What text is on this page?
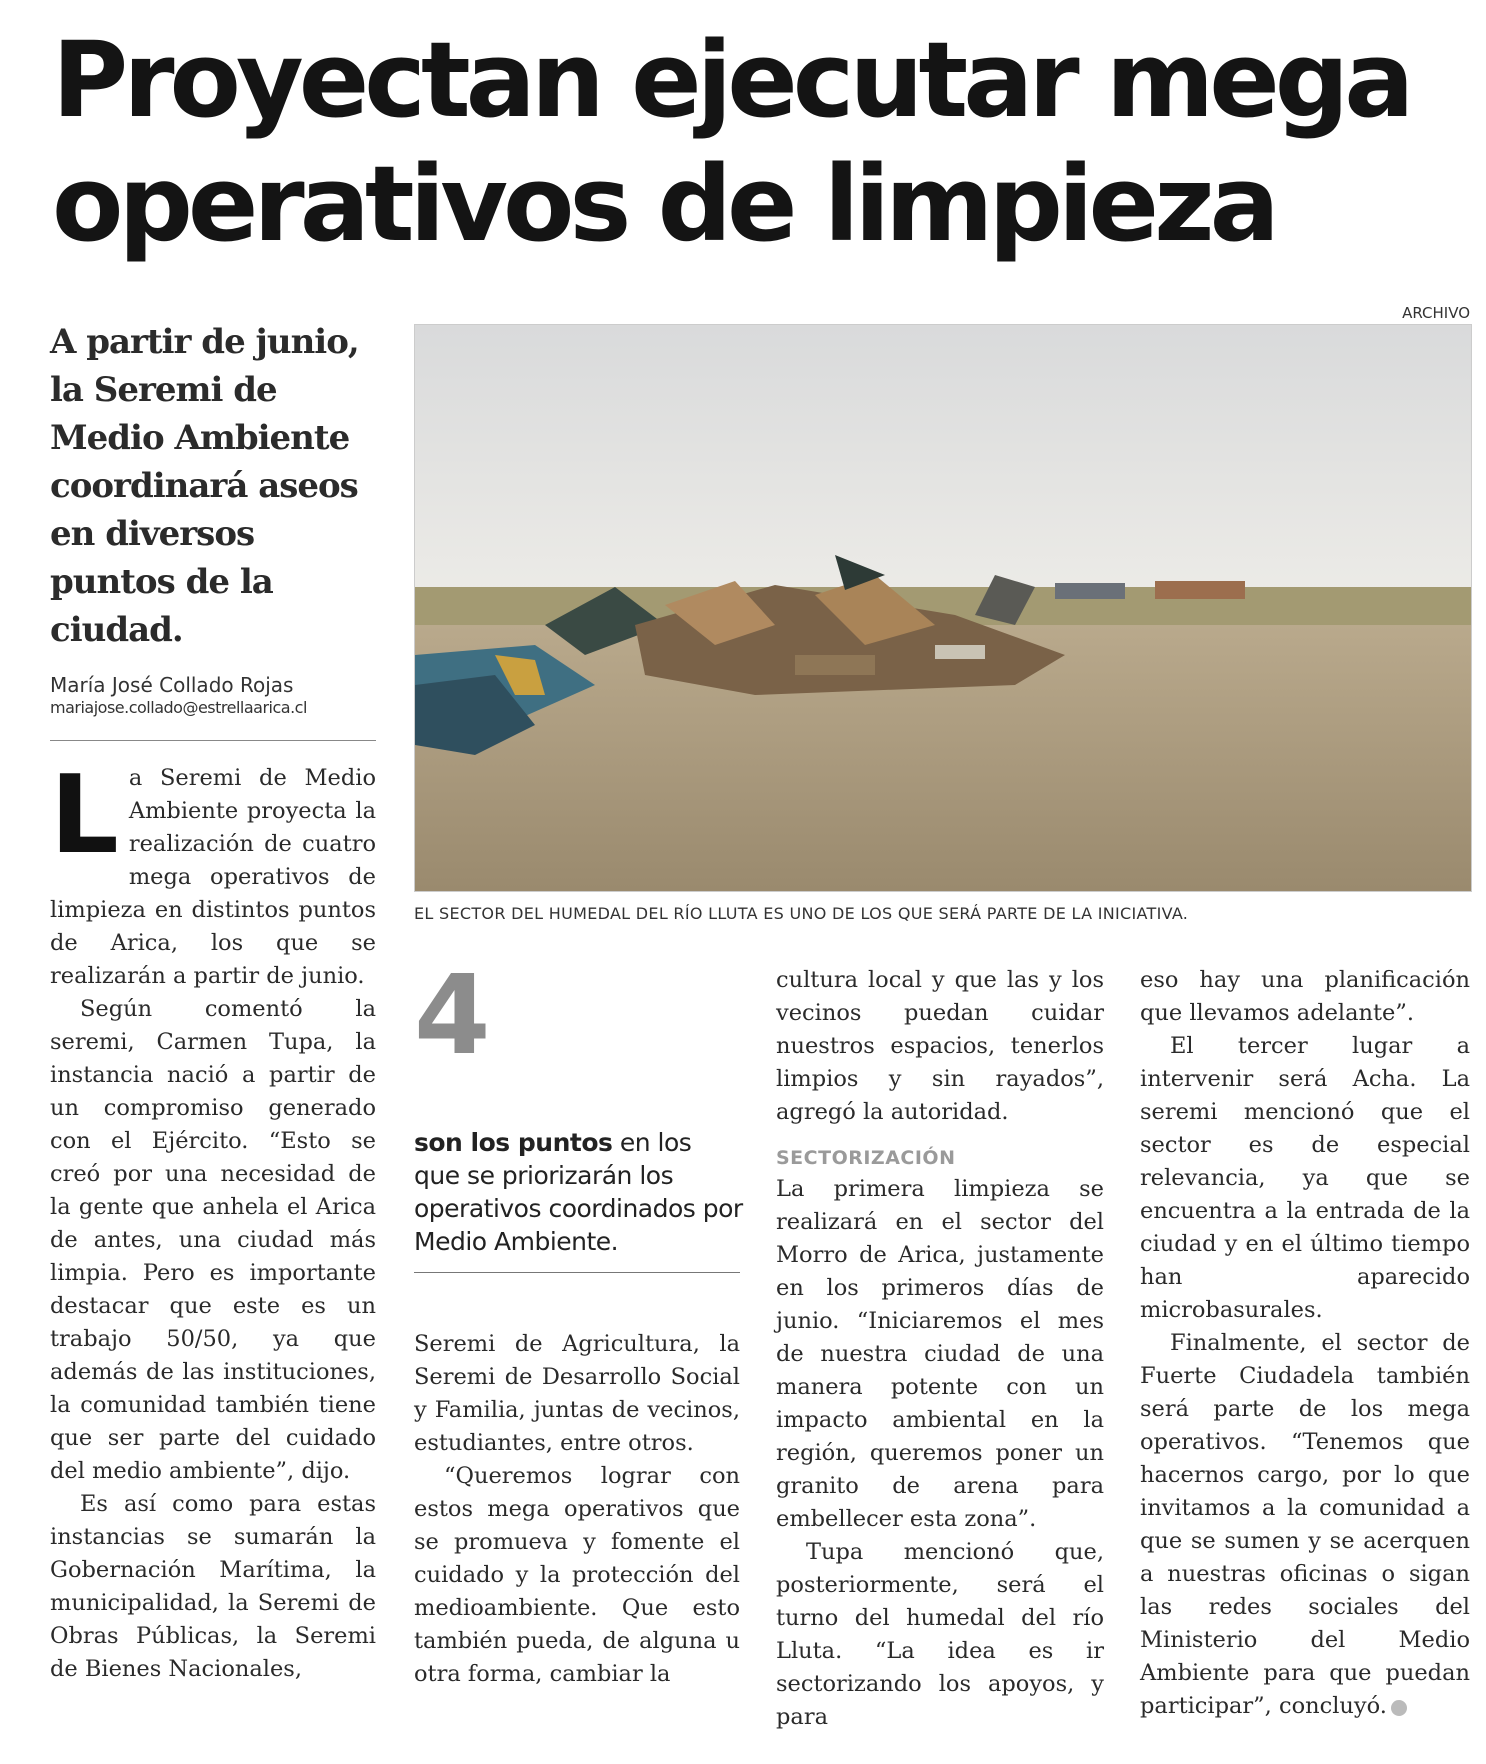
Proyectan ejecutar mega
operativos de limpieza
ARCHIVO
A partir de junio, la Seremi de Medio Ambiente coordinará aseos en diversos puntos de la ciudad.
María José Collado Rojas
mariajose.collado@estrellaarica.cl
EL SECTOR DEL HUMEDAL DEL RÍO LLUTA ES UNO DE LOS QUE SERÁ PARTE DE LA INICIATIVA.

La Seremi de Medio Ambiente proyecta la realización de cuatro mega operativos de limpieza en distintos puntos de Arica, los que se realizarán a partir de junio.

Según comentó la seremi, Carmen Tupa, la instancia nació a partir de un compromiso generado con el Ejército. “Esto se creó por una necesidad de la gente que anhela el Arica de antes, una ciudad más limpia. Pero es importante destacar que este es un trabajo 50/50, ya que además de las instituciones, la comunidad también tiene que ser parte del cuidado del medio ambiente”, dijo.

Es así como para estas instancias se sumarán la Gobernación Marítima, la municipalidad, la Seremi de Obras Públicas, la Seremi de Bienes Nacionales,

4
son los puntos en los que se priorizarán los operativos coordinados por Medio Ambiente.

Seremi de Agricultura, la Seremi de Desarrollo Social y Familia, juntas de vecinos, estudiantes, entre otros.

“Queremos lograr con estos mega operativos que se promueva y fomente el cuidado y la protección del medioambiente. Que esto también pueda, de alguna u otra forma, cambiar la

cultura local y que las y los vecinos puedan cuidar nuestros espacios, tenerlos limpios y sin rayados”, agregó la autoridad.

SECTORIZACIÓN

La primera limpieza se realizará en el sector del Morro de Arica, justamente en los primeros días de junio. “Iniciaremos el mes de nuestra ciudad de una manera potente con un impacto ambiental en la región, queremos poner un granito de arena para embellecer esta zona”.

Tupa mencionó que, posteriormente, será el turno del humedal del río Lluta. “La idea es ir sectorizando los apoyos, y para

eso hay una planificación que llevamos adelante”.

El tercer lugar a intervenir será Acha. La seremi mencionó que el sector es de especial relevancia, ya que se encuentra a la entrada de la ciudad y en el último tiempo han aparecido microbasurales.

Finalmente, el sector de Fuerte Ciudadela también será parte de los mega operativos. “Tenemos que hacernos cargo, por lo que invitamos a la comunidad a que se sumen y se acerquen a nuestras oficinas o sigan las redes sociales del Ministerio del Medio Ambiente para que puedan participar”, concluyó. +
